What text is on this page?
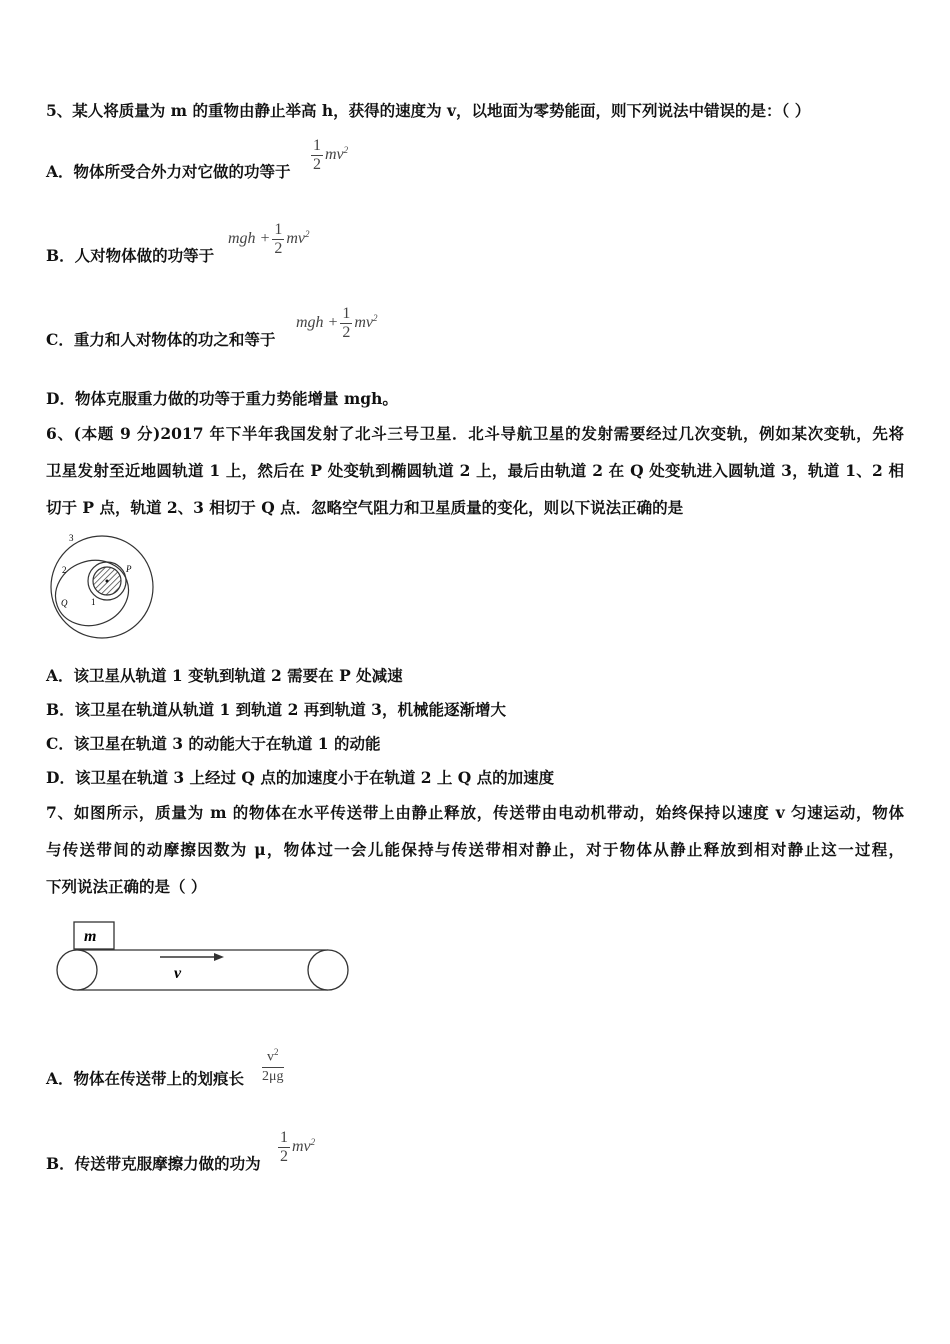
5、某人将质量为 m 的重物由静止举高 h，获得的速度为 v，以地面为零势能面，则下列说法中错误的是：（ ）
A．物体所受合外力对它做的功等于 $\frac{1}{2} mv^2$
B．人对物体做的功等于
mgh + $\frac{1}{2} mv^2$
C．重力和人对物体的功之和等于
mgh + $\frac{1}{2} mv^2$
D．物体克服重力做的功等于重力势能增量 mgh。
6、(本题 9 分)2017 年下半年我国发射了北斗三号卫星．北斗导航卫星的发射需要经过几次变轨，例如某次变轨，先将
卫星发射至近地圆轨道 1 上，然后在 P 处变轨到椭圆轨道 2 上，最后由轨道 2 在 Q 处变轨进入圆轨道 3，轨道 1、2 相
切于 P 点，轨道 2、3 相切于 Q 点．忽略空气阻力和卫星质量的变化，则以下说法正确的是
3
2
1
P
Q
A．该卫星从轨道 1 变轨到轨道 2 需要在 P 处减速
B．该卫星在轨道从轨道 1 到轨道 2 再到轨道 3，机械能逐渐增大
C．该卫星在轨道 3 的动能大于在轨道 1 的动能
D．该卫星在轨道 3 上经过 Q 点的加速度小于在轨道 2 上 Q 点的加速度
7、如图所示，质量为 m 的物体在水平传送带上由静止释放，传送带由电动机带动，始终保持以速度 v 匀速运动，物体
与传送带间的动摩擦因数为 μ，物体过一会儿能保持与传送带相对静止，对于物体从静止释放到相对静止这一过程，
下列说法正确的是（ ）
m
v
A．物体在传送带上的划痕长 $\frac{v^2}{2\mu g}$
B．传送带克服摩擦力做的功为 $\frac{1}{2} mv^2$
